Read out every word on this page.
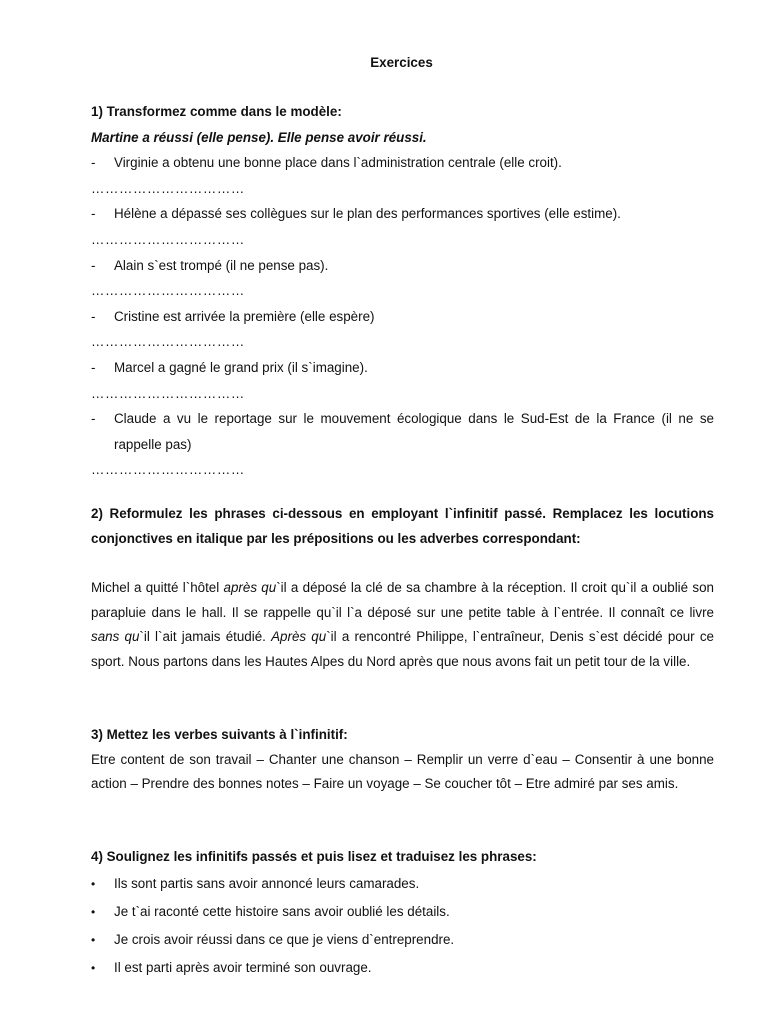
Exercices
1) Transformez comme dans le modèle:
Martine a réussi (elle pense). Elle pense avoir réussi.
- Virginie a obtenu une bonne place dans l`administration centrale (elle croit).
……………………………
- Hélène a dépassé ses collègues sur le plan des performances sportives (elle estime).
……………………………
- Alain s`est trompé (il ne pense pas).
……………………………
- Cristine est arrivée la première (elle espère)
……………………………
- Marcel a gagné le grand prix (il s`imagine).
……………………………
- Claude a vu le reportage sur le mouvement écologique dans le Sud-Est de la France (il ne se rappelle pas)
……………………………
2) Reformulez les phrases ci-dessous en employant l`infinitif passé. Remplacez les locutions conjonctives en italique par les prépositions ou les adverbes correspondant:
Michel a quitté l`hôtel après qu`il a déposé la clé de sa chambre à la réception. Il croit qu`il a oublié son parapluie dans le hall. Il se rappelle qu`il l`a déposé sur une petite table à l`entrée. Il connaît ce livre sans qu`il l`ait jamais étudié. Après qu`il a rencontré Philippe, l`entraîneur, Denis s`est décidé pour ce sport. Nous partons dans les Hautes Alpes du Nord après que nous avons fait un petit tour de la ville.
3) Mettez les verbes suivants à l`infinitif:
Etre content de son travail – Chanter une chanson – Remplir un verre d`eau – Consentir à une bonne action – Prendre des bonnes notes – Faire un voyage – Se coucher tôt – Etre admiré par ses amis.
4) Soulignez les infinitifs passés et puis lisez et traduisez les phrases:
• Ils sont partis sans avoir annoncé leurs camarades.
• Je t`ai raconté cette histoire sans avoir oublié les détails.
• Je crois avoir réussi dans ce que je viens d`entreprendre.
• Il est parti après avoir terminé son ouvrage.
